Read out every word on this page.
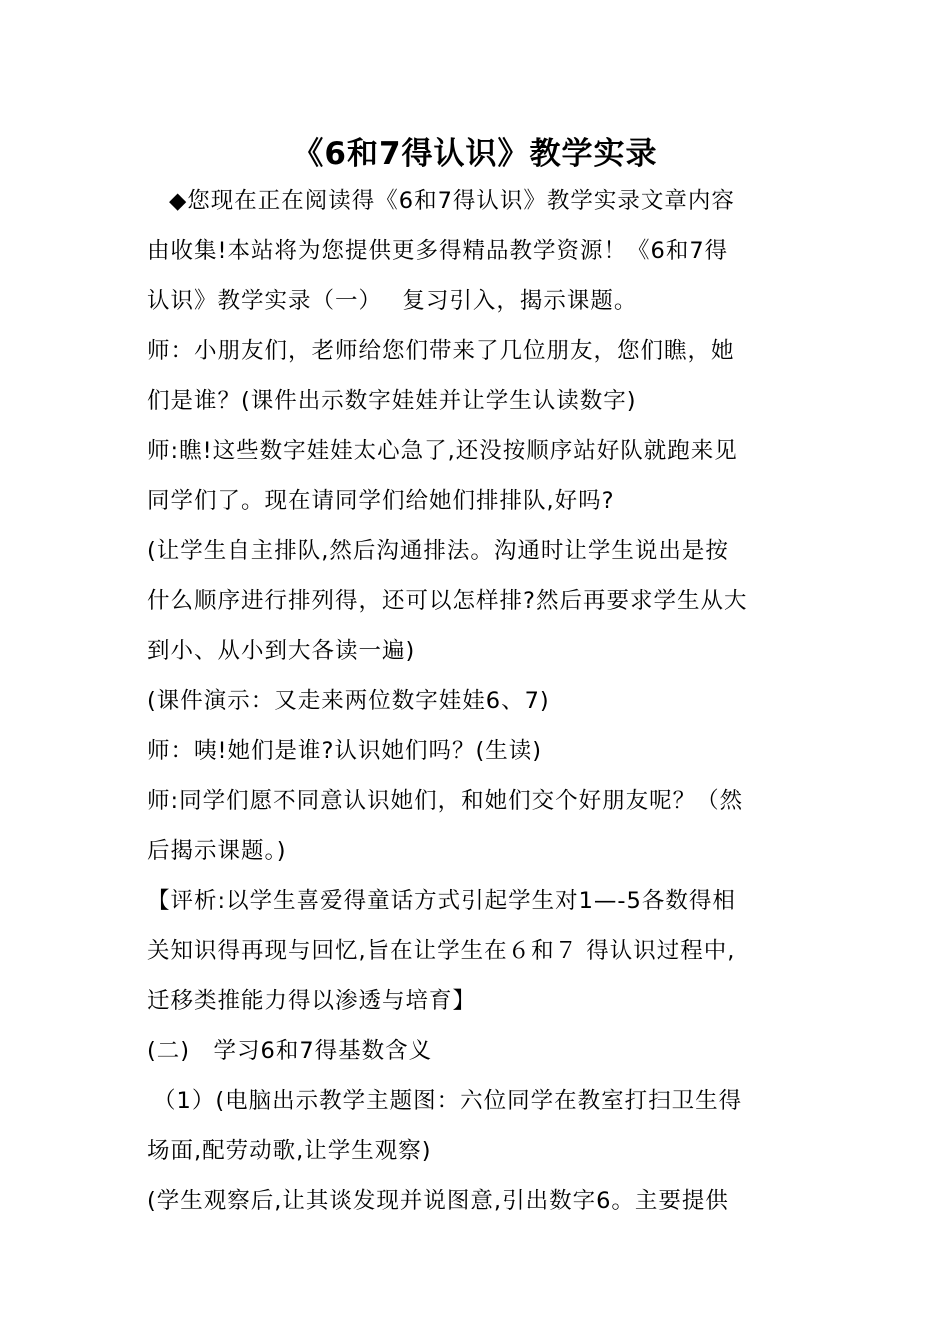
《6和7得认识》教学实录
◆您现在正在阅读得《6和7得认识》教学实录文章内容
由收集!本站将为您提供更多得精品教学资源！《6和7得
认识》教学实录（一）　 复习引入，揭示课题。
师：小朋友们，老师给您们带来了几位朋友，您们瞧，她
们是谁？(课件出示数字娃娃并让学生认读数字)
师:瞧!这些数字娃娃太心急了,还没按顺序站好队就跑来见
同学们了。现在请同学们给她们排排队,好吗?
(让学生自主排队,然后沟通排法。沟通时让学生说出是按
什么顺序进行排列得，还可以怎样排?然后再要求学生从大
到小、从小到大各读一遍)
(课件演示：又走来两位数字娃娃6、7)
师：咦!她们是谁?认识她们吗？(生读)
师:同学们愿不同意认识她们，和她们交个好朋友呢？（然
后揭示课题。)
【评析:以学生喜爱得童话方式引起学生对1—-5各数得相
关知识得再现与回忆,旨在让学生在６和７ 得认识过程中,
迁移类推能力得以渗透与培育】
(二)　学习6和7得基数含义
（1）(电脑出示教学主题图：六位同学在教室打扫卫生得
场面,配劳动歌,让学生观察)
(学生观察后,让其谈发现并说图意,引出数字6。主要提供
